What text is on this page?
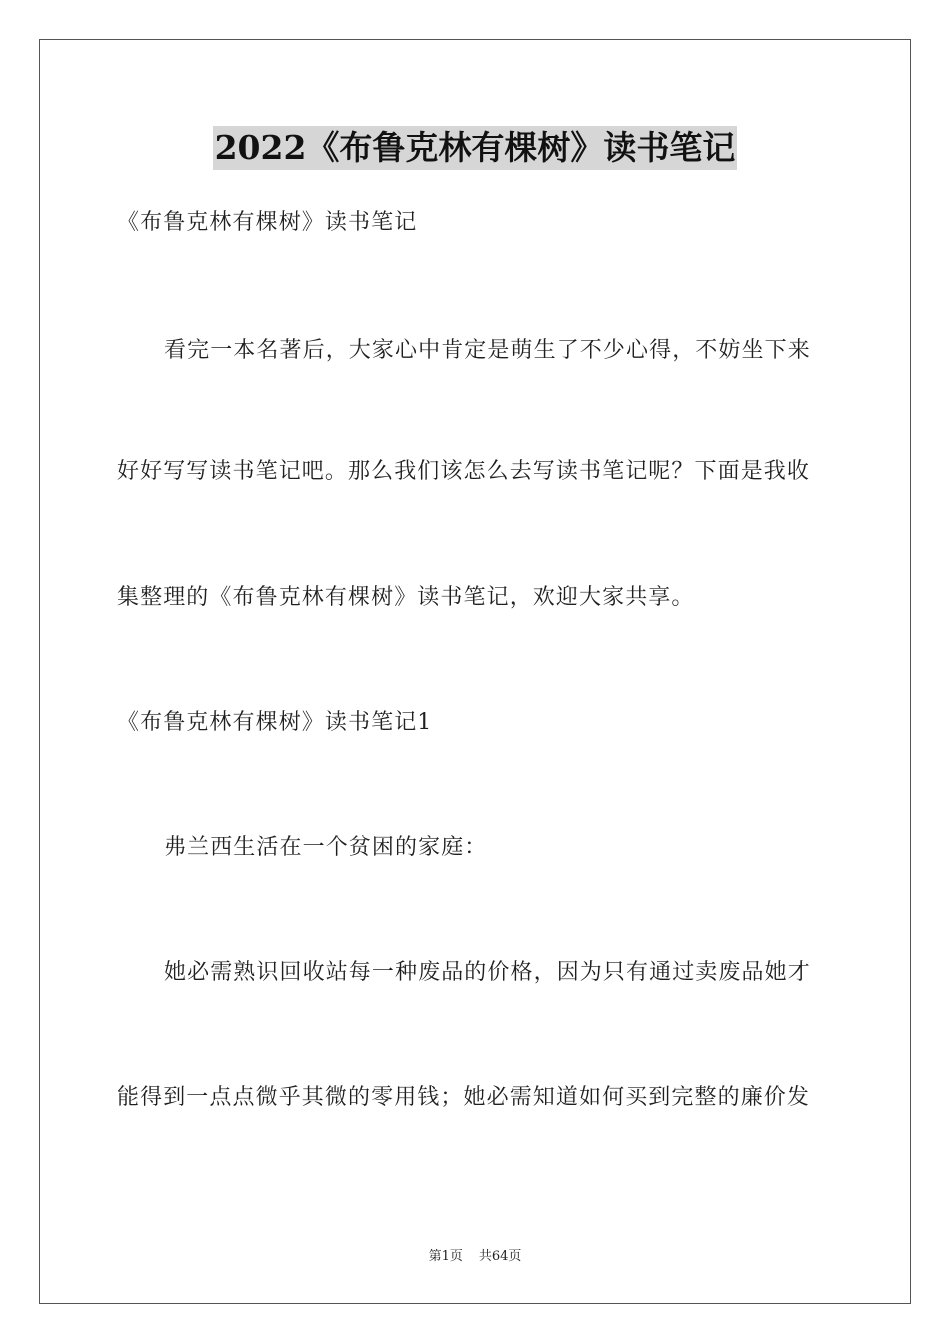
2022《布鲁克林有棵树》读书笔记
《布鲁克林有棵树》读书笔记
看完一本名著后，大家心中肯定是萌生了不少心得，不妨坐下来
好好写写读书笔记吧。那么我们该怎么去写读书笔记呢？下面是我收
集整理的《布鲁克林有棵树》读书笔记，欢迎大家共享。
《布鲁克林有棵树》读书笔记1
弗兰西生活在一个贫困的家庭：
她必需熟识回收站每一种废品的价格，因为只有通过卖废品她才
能得到一点点微乎其微的零用钱；她必需知道如何买到完整的廉价发
第1页 共64页
